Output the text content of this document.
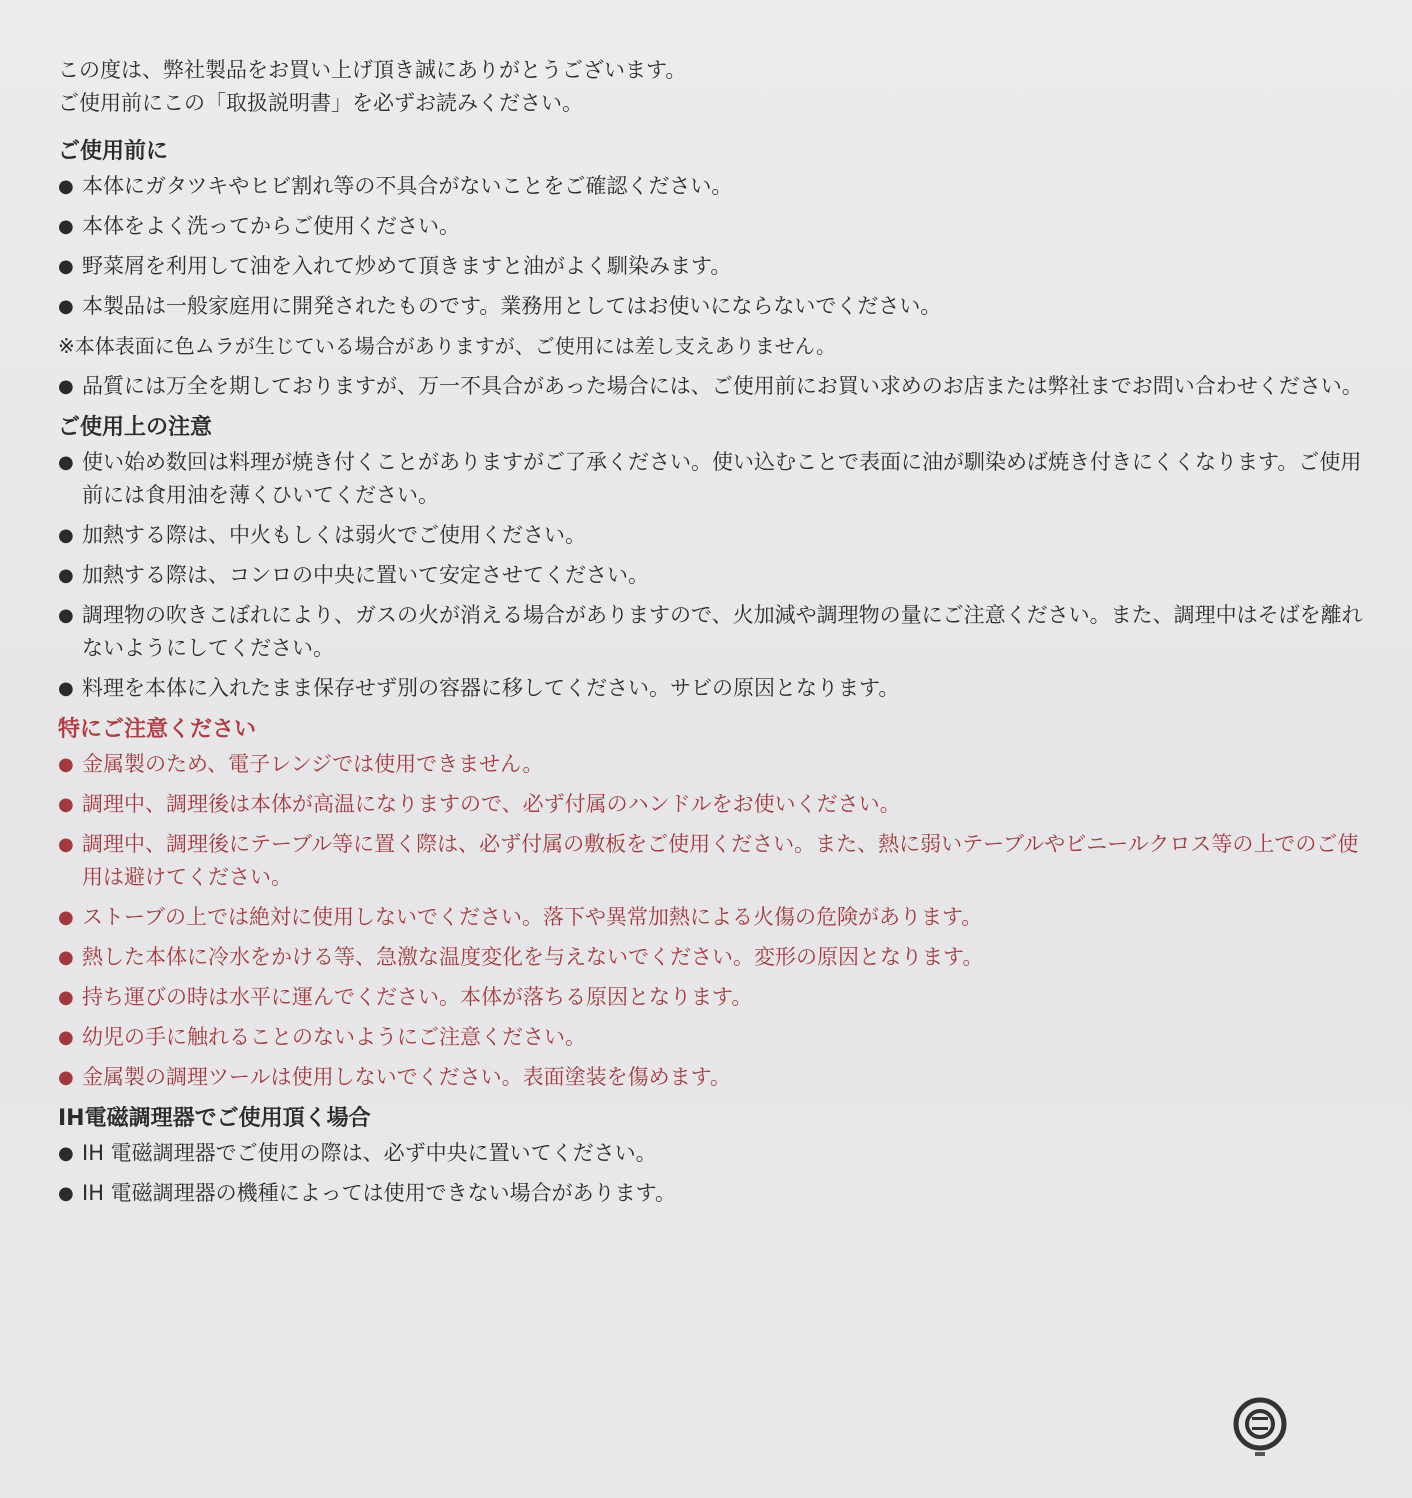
この度は、弊社製品をお買い上げ頂き誠にありがとうございます。
ご使用前にこの「取扱説明書」を必ずお読みください。
ご使用前に
● 本体にガタツキやヒビ割れ等の不具合がないことをご確認ください。
● 本体をよく洗ってからご使用ください。
● 野菜屑を利用して油を入れて炒めて頂きますと油がよく馴染みます。
● 本製品は一般家庭用に開発されたものです。業務用としてはお使いにならないでください。
※本体表面に色ムラが生じている場合がありますが、ご使用には差し支えありません。
● 品質には万全を期しておりますが、万一不具合があった場合には、ご使用前にお買い求めのお店または弊社までお問い合わせください。
ご使用上の注意
● 使い始め数回は料理が焼き付くことがありますがご了承ください。使い込むことで表面に油が馴染めば焼き付きにくくなります。ご使用前には食用油を薄くひいてください。
● 加熱する際は、中火もしくは弱火でご使用ください。
● 加熱する際は、コンロの中央に置いて安定させてください。
● 調理物の吹きこぼれにより、ガスの火が消える場合がありますので、火加減や調理物の量にご注意ください。また、調理中はそばを離れないようにしてください。
● 料理を本体に入れたまま保存せず別の容器に移してください。サビの原因となります。
特にご注意ください
● 金属製のため、電子レンジでは使用できません。
● 調理中、調理後は本体が高温になりますので、必ず付属のハンドルをお使いください。
● 調理中、調理後にテーブル等に置く際は、必ず付属の敷板をご使用ください。また、熱に弱いテーブルやビニールクロス等の上でのご使用は避けてください。
● ストーブの上では絶対に使用しないでください。落下や異常加熱による火傷の危険があります。
● 熱した本体に冷水をかける等、急激な温度変化を与えないでください。変形の原因となります。
● 持ち運びの時は水平に運んでください。本体が落ちる原因となります。
● 幼児の手に触れることのないようにご注意ください。
● 金属製の調理ツールは使用しないでください。表面塗装を傷めます。
IH電磁調理器でご使用頂く場合
● IH 電磁調理器でご使用の際は、必ず中央に置いてください。
● IH 電磁調理器の機種によっては使用できない場合があります。
